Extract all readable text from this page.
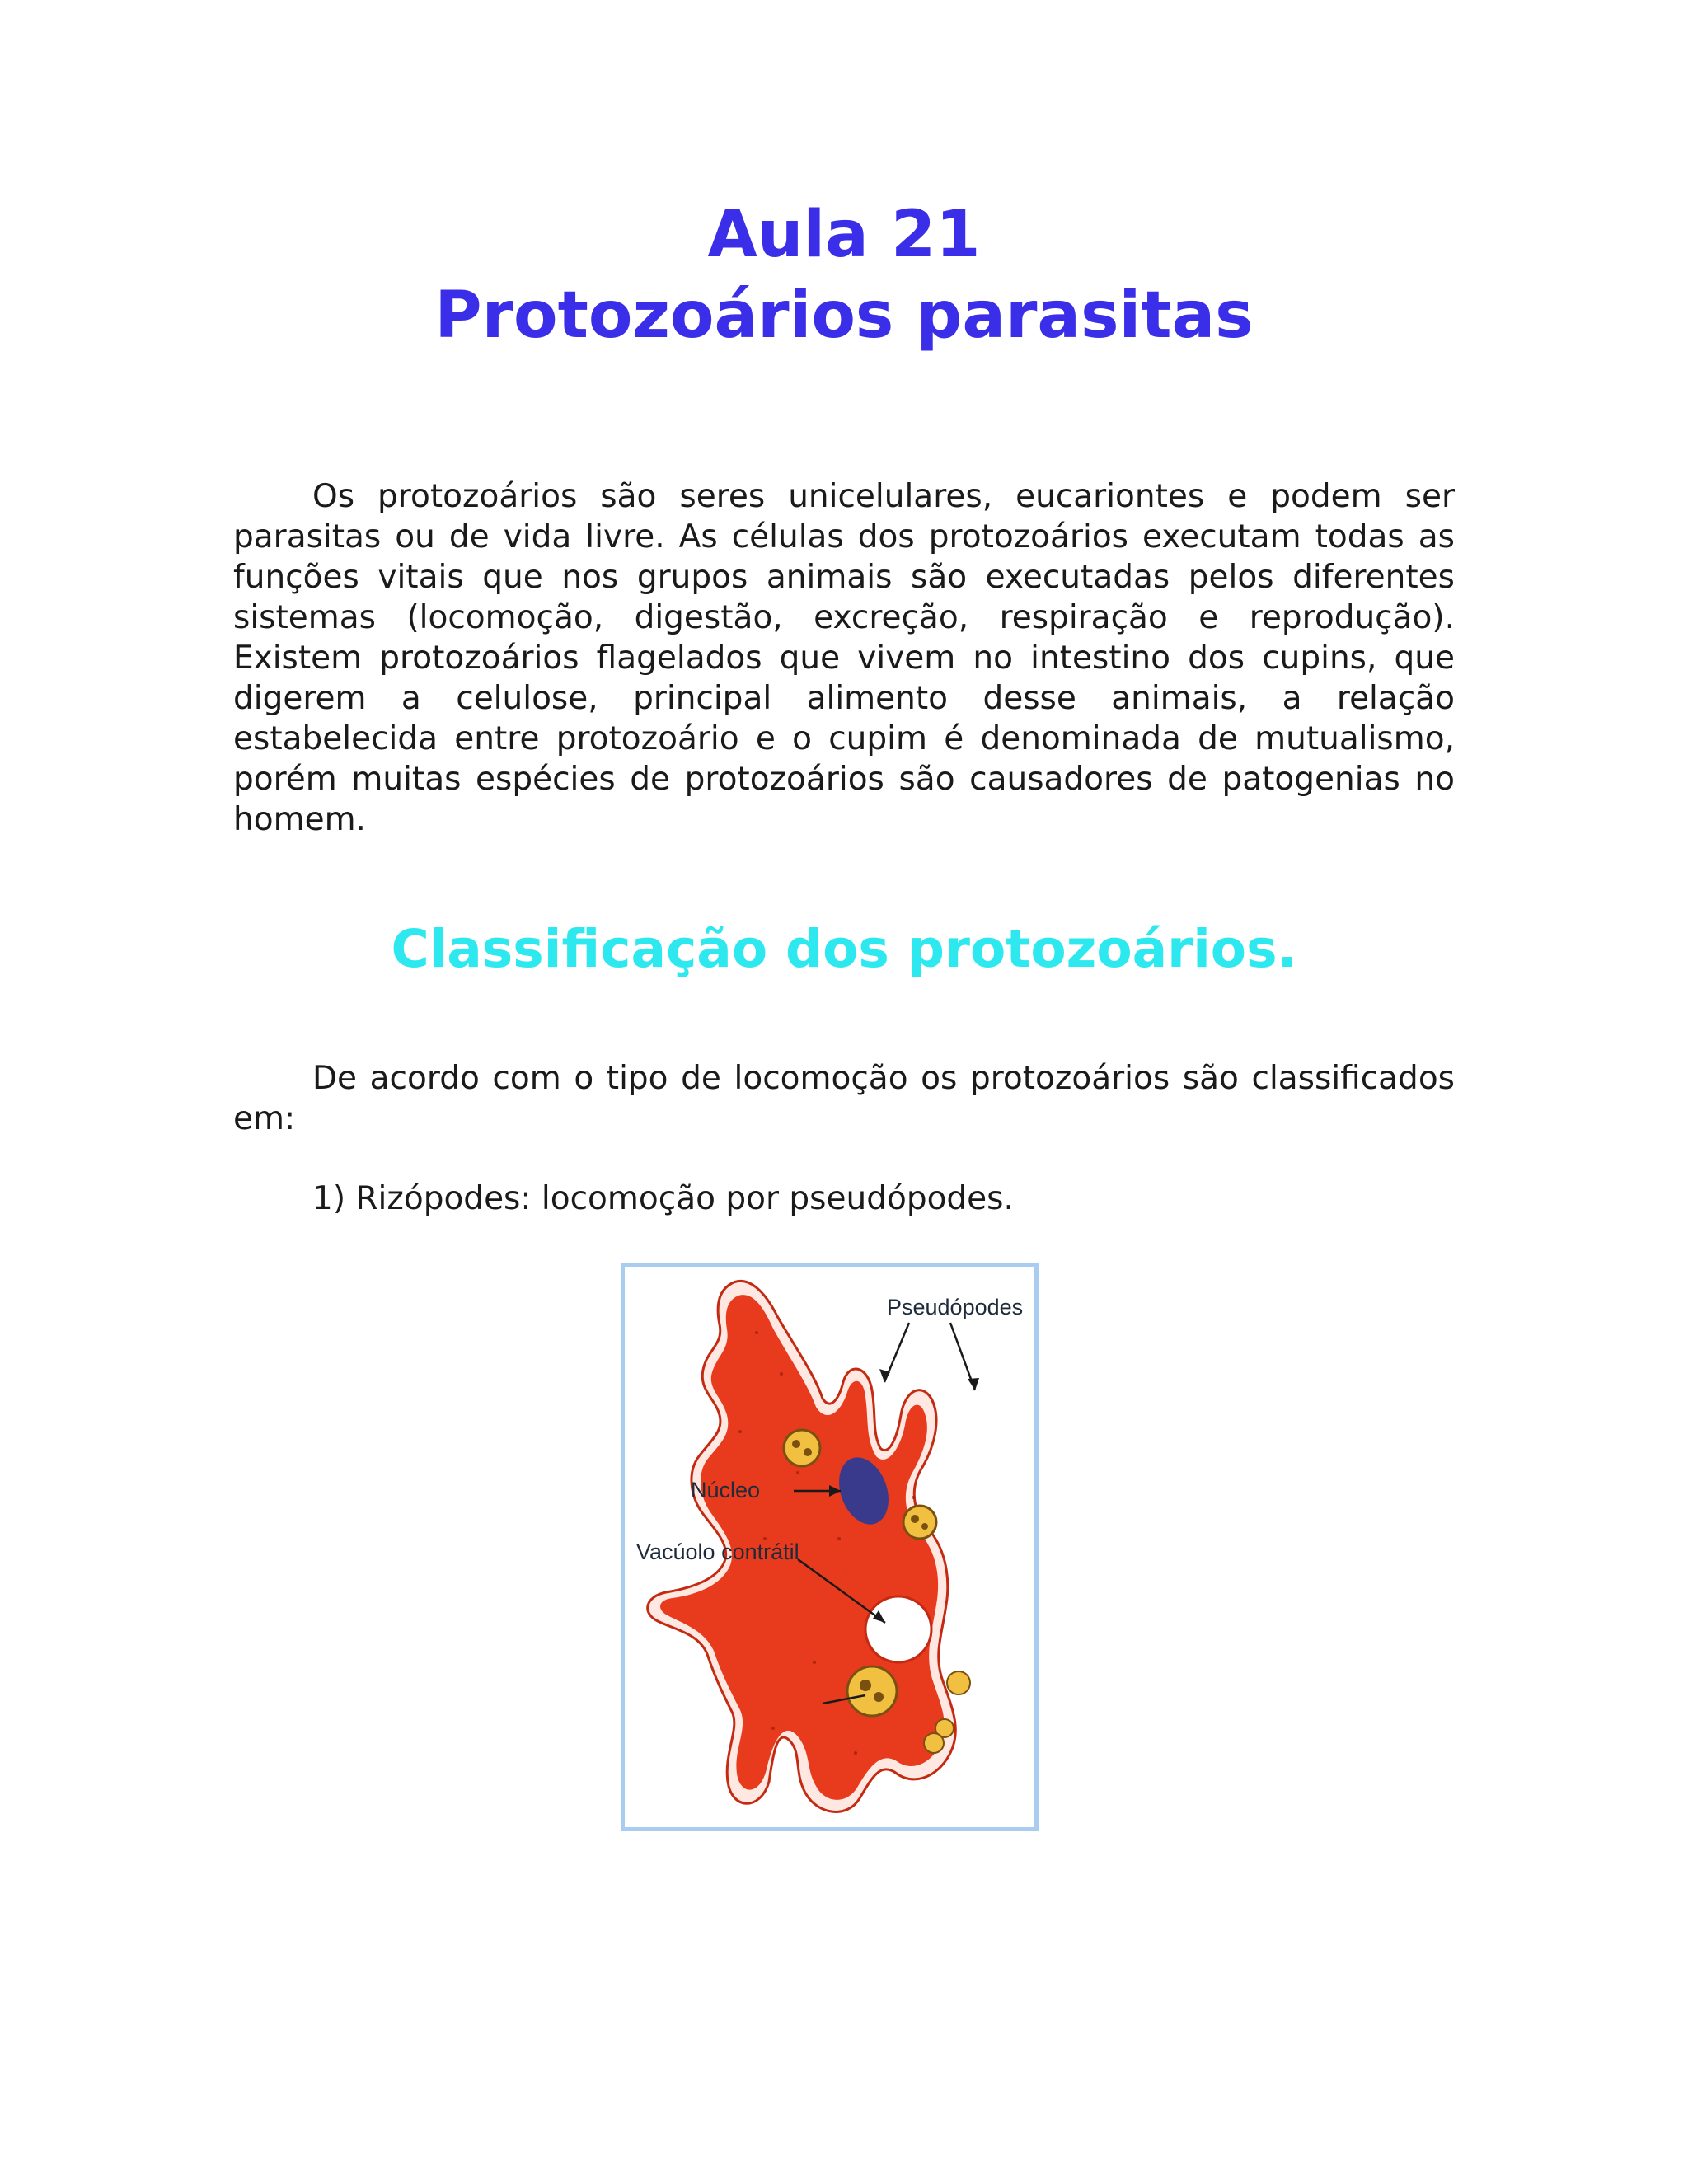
Aula 21
Protozoários parasitas

Os protozoários são seres unicelulares, eucariontes e podem ser parasitas ou de vida livre. As células dos protozoários executam todas as funções vitais que nos grupos animais são executadas pelos diferentes sistemas (locomoção, digestão, excreção, respiração e reprodução). Existem protozoários flagelados que vivem no intestino dos cupins, que digerem a celulose, principal alimento desse animais, a relação estabelecida entre protozoário e o cupim é denominada de mutualismo, porém muitas espécies de protozoários são causadores de patogenias no homem.

Classificação dos protozoários.

De acordo com o tipo de locomoção os protozoários são classificados em:

1) Rizópodes: locomoção por pseudópodes.

Pseudópodes
Núcleo
Vacúolo contrátil
